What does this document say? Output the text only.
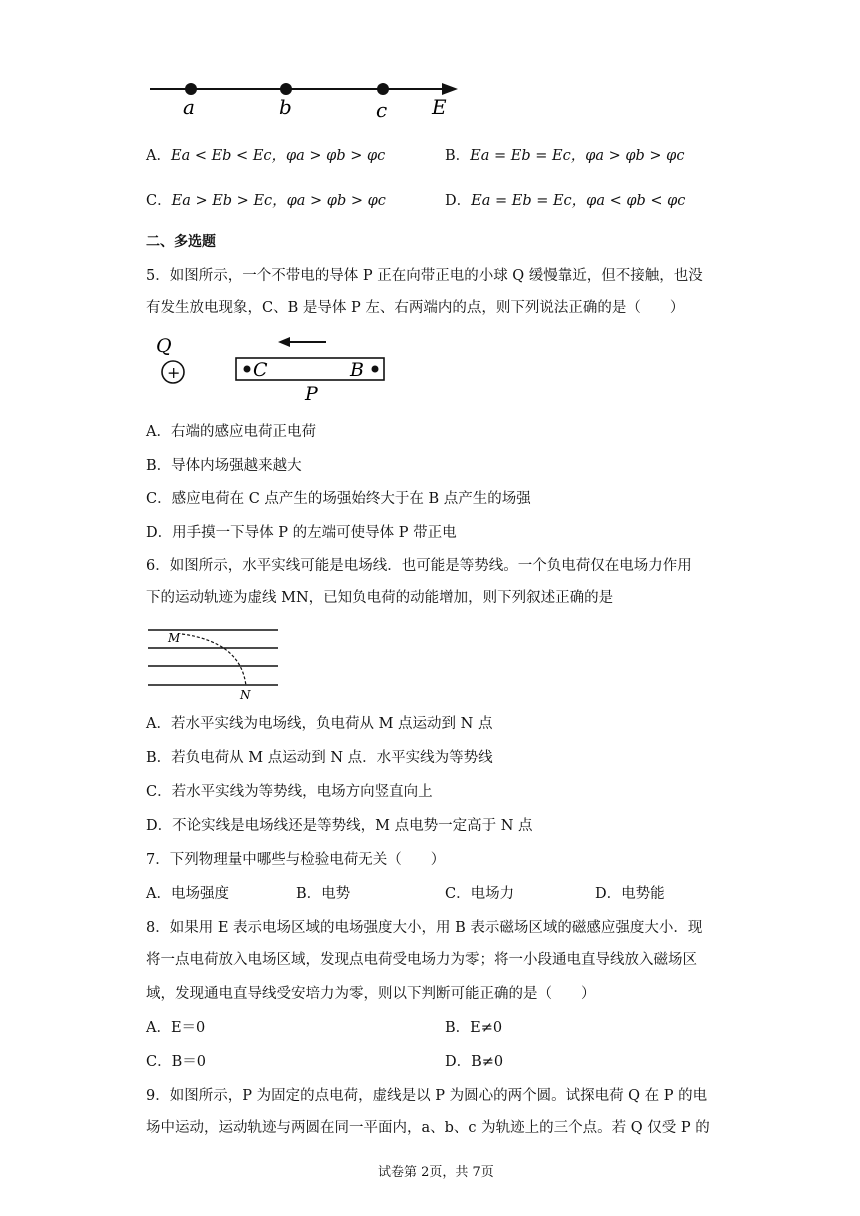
a	b	c E
A．Ea < Eb < Ec，φa > φb > φc	B．Ea = Eb = Ec，φa > φb > φc
C．Ea > Eb > Ec，φa > φb > φc	D．Ea = Eb = Ec，φa < φb < φc
二、多选题
5．如图所示，一个不带电的导体 P 正在向带正电的小球 Q 缓慢靠近，但不接触，也没
有发生放电现象，C、B 是导体 P 左、右两端内的点，则下列说法正确的是（　　）
Q
+	C	B
P
A．右端的感应电荷正电荷
B．导体内场强越来越大
C．感应电荷在 C 点产生的场强始终大于在 B 点产生的场强
D．用手摸一下导体 P 的左端可使导体 P 带正电
6．如图所示，水平实线可能是电场线．也可能是等势线。一个负电荷仅在电场力作用
下的运动轨迹为虚线 MN，已知负电荷的动能增加，则下列叙述正确的是
M
N
A．若水平实线为电场线，负电荷从 M 点运动到 N 点
B．若负电荷从 M 点运动到 N 点．水平实线为等势线
C．若水平实线为等势线，电场方向竖直向上
D．不论实线是电场线还是等势线，M 点电势一定高于 N 点
7．下列物理量中哪些与检验电荷无关（　　）
A．电场强度	B．电势	C．电场力	D．电势能
8．如果用 E 表示电场区域的电场强度大小，用 B 表示磁场区域的磁感应强度大小．现
将一点电荷放入电场区域，发现点电荷受电场力为零；将一小段通电直导线放入磁场区
域，发现通电直导线受安培力为零，则以下判断可能正确的是（　　）
A．E＝0	B．E≠0
C．B＝0	D．B≠0
9．如图所示，P 为固定的点电荷，虚线是以 P 为圆心的两个圆。试探电荷 Q 在 P 的电
场中运动，运动轨迹与两圆在同一平面内，a、b、c 为轨迹上的三个点。若 Q 仅受 P 的
试卷第 2页，共 7页
